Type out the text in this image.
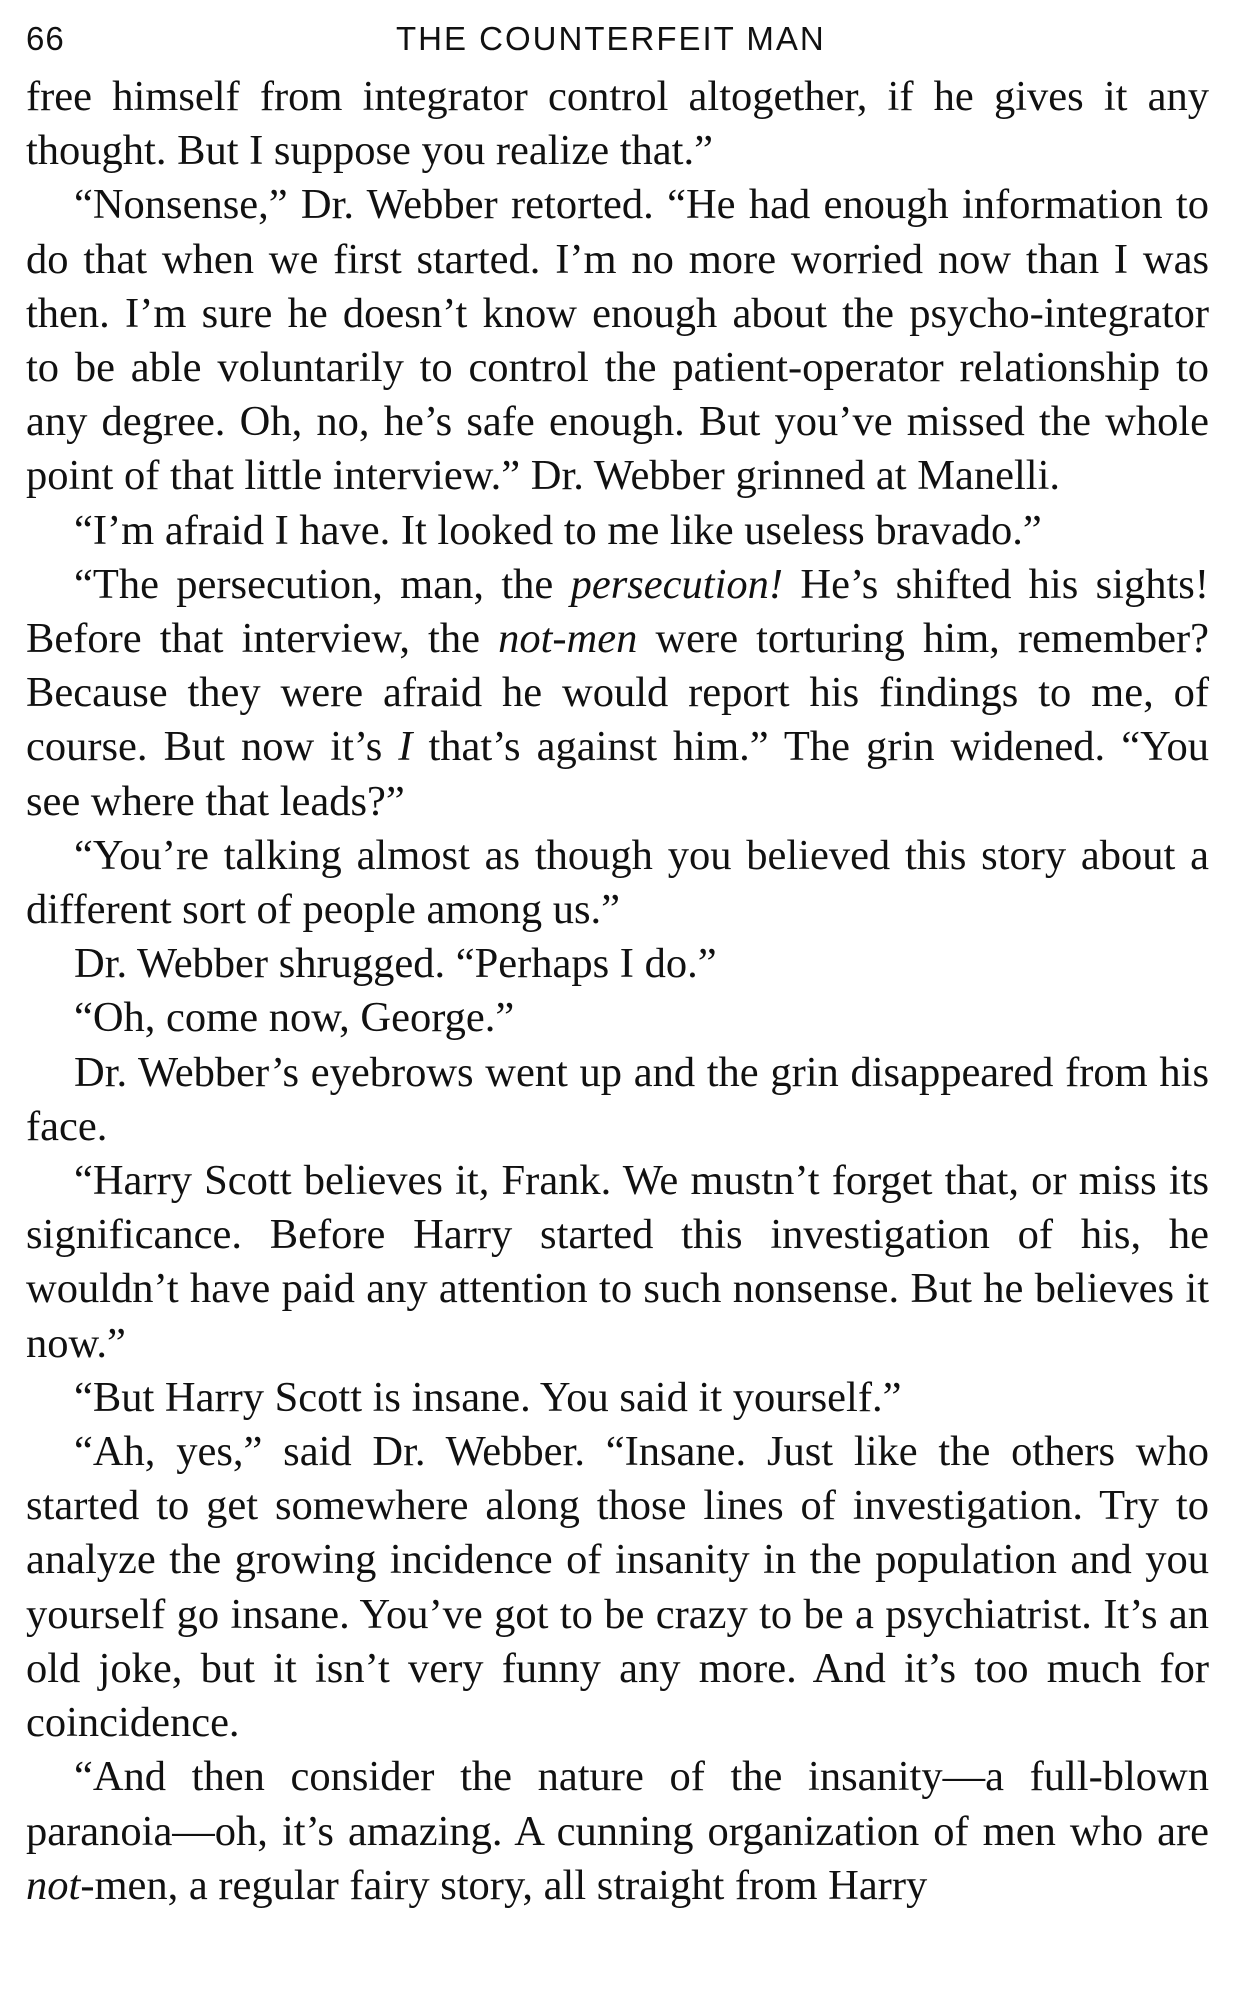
66	THE COUNTERFEIT MAN

free himself from integrator control altogether, if he gives it any thought. But I suppose you realize that.”

“Nonsense,” Dr. Webber retorted. “He had enough information to do that when we first started. I’m no more worried now than I was then. I’m sure he doesn’t know enough about the psycho-integrator to be able voluntarily to control the patient-operator relationship to any degree. Oh, no, he’s safe enough. But you’ve missed the whole point of that little interview.” Dr. Webber grinned at Manelli.

“I’m afraid I have. It looked to me like useless bravado.”

“The persecution, man, the persecution! He’s shifted his sights! Before that interview, the not-men were torturing him, remember? Because they were afraid he would report his findings to me, of course. But now it’s I that’s against him.” The grin widened. “You see where that leads?”

“You’re talking almost as though you believed this story about a different sort of people among us.”

Dr. Webber shrugged. “Perhaps I do.”

“Oh, come now, George.”

Dr. Webber’s eyebrows went up and the grin disappeared from his face.

“Harry Scott believes it, Frank. We mustn’t forget that, or miss its significance. Before Harry started this investigation of his, he wouldn’t have paid any attention to such nonsense. But he believes it now.”

“But Harry Scott is insane. You said it yourself.”

“Ah, yes,” said Dr. Webber. “Insane. Just like the others who started to get somewhere along those lines of investigation. Try to analyze the growing incidence of insanity in the population and you yourself go insane. You’ve got to be crazy to be a psychiatrist. It’s an old joke, but it isn’t very funny any more. And it’s too much for coincidence.

“And then consider the nature of the insanity—a full-blown paranoia—oh, it’s amazing. A cunning organization of men who are not-men, a regular fairy story, all straight from Harry
